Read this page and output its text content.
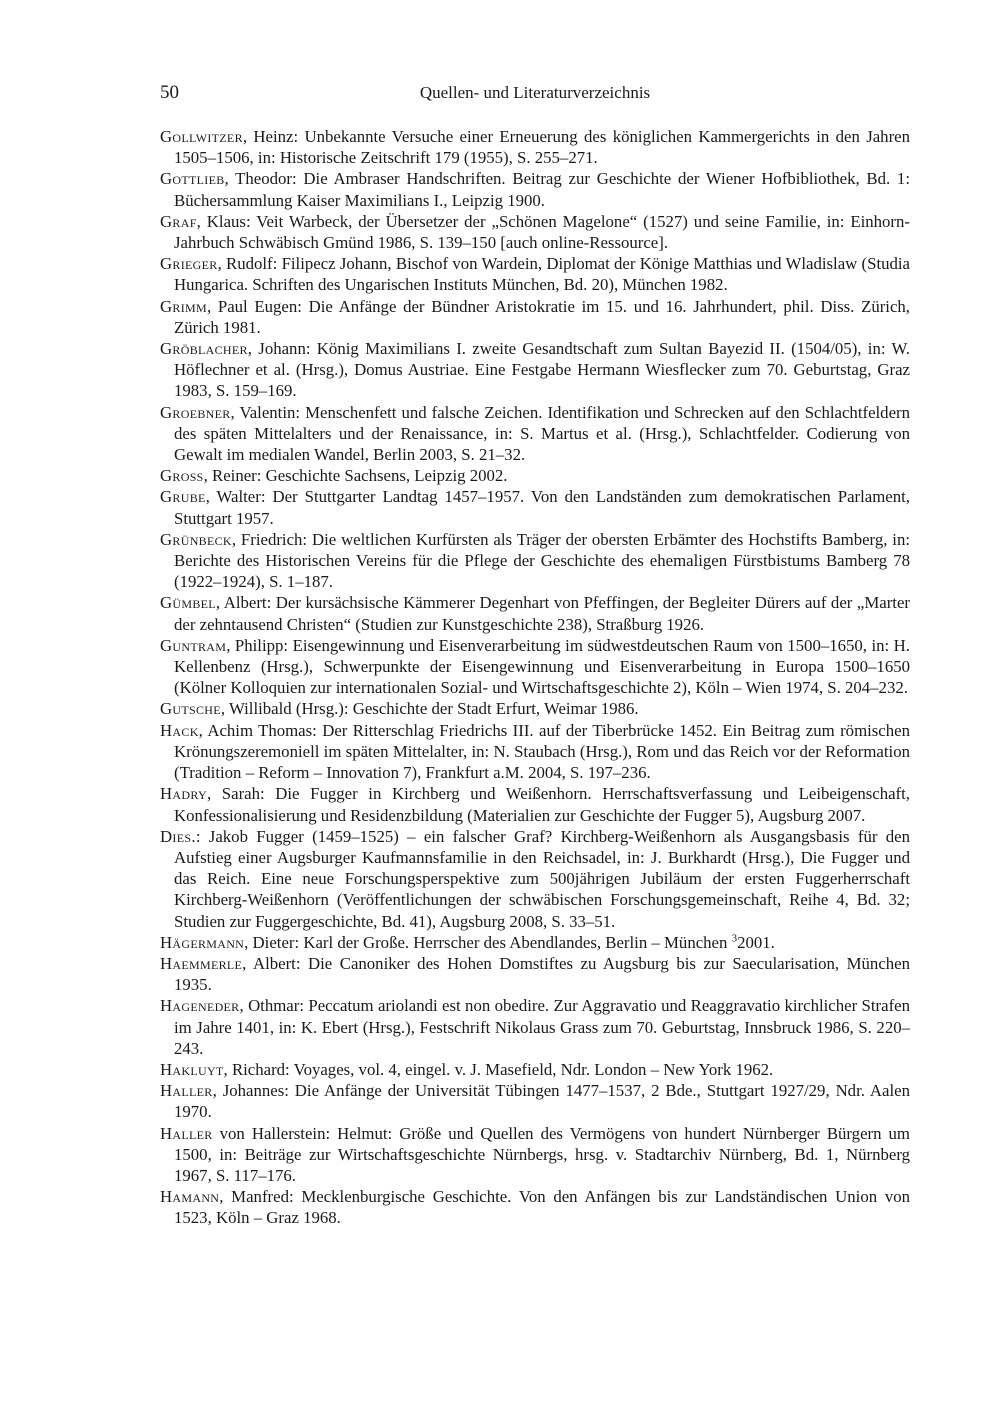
50	Quellen- und Literaturverzeichnis
Gollwitzer, Heinz: Unbekannte Versuche einer Erneuerung des königlichen Kammergerichts in den Jahren 1505–1506, in: Historische Zeitschrift 179 (1955), S. 255–271.
Gottlieb, Theodor: Die Ambraser Handschriften. Beitrag zur Geschichte der Wiener Hofbibliothek, Bd. 1: Büchersammlung Kaiser Maximilians I., Leipzig 1900.
Graf, Klaus: Veit Warbeck, der Übersetzer der „Schönen Magelone“ (1527) und seine Familie, in: Einhorn-Jahrbuch Schwäbisch Gmünd 1986, S. 139–150 [auch online-Ressource].
Grieger, Rudolf: Filipecz Johann, Bischof von Wardein, Diplomat der Könige Matthias und Wladislaw (Studia Hungarica. Schriften des Ungarischen Instituts München, Bd. 20), München 1982.
Grimm, Paul Eugen: Die Anfänge der Bündner Aristokratie im 15. und 16. Jahrhundert, phil. Diss. Zürich, Zürich 1981.
Gröblacher, Johann: König Maximilians I. zweite Gesandtschaft zum Sultan Bayezid II. (1504/05), in: W. Höflechner et al. (Hrsg.), Domus Austriae. Eine Festgabe Hermann Wiesflecker zum 70. Geburtstag, Graz 1983, S. 159–169.
Groebner, Valentin: Menschenfett und falsche Zeichen. Identifikation und Schrecken auf den Schlachtfeldern des späten Mittelalters und der Renaissance, in: S. Martus et al. (Hrsg.), Schlachtfelder. Codierung von Gewalt im medialen Wandel, Berlin 2003, S. 21–32.
Gross, Reiner: Geschichte Sachsens, Leipzig 2002.
Grube, Walter: Der Stuttgarter Landtag 1457–1957. Von den Landständen zum demokratischen Parlament, Stuttgart 1957.
Grünbeck, Friedrich: Die weltlichen Kurfürsten als Träger der obersten Erbämter des Hochstifts Bamberg, in: Berichte des Historischen Vereins für die Pflege der Geschichte des ehemaligen Fürstbistums Bamberg 78 (1922–1924), S. 1–187.
Gümbel, Albert: Der kursächsische Kämmerer Degenhart von Pfeffingen, der Begleiter Dürers auf der „Marter der zehntausend Christen“ (Studien zur Kunstgeschichte 238), Straßburg 1926.
Guntram, Philipp: Eisengewinnung und Eisenverarbeitung im südwestdeutschen Raum von 1500–1650, in: H. Kellenbenz (Hrsg.), Schwerpunkte der Eisengewinnung und Eisenverarbeitung in Europa 1500–1650 (Kölner Kolloquien zur internationalen Sozial- und Wirtschaftsgeschichte 2), Köln – Wien 1974, S. 204–232.
Gutsche, Willibald (Hrsg.): Geschichte der Stadt Erfurt, Weimar 1986.
Hack, Achim Thomas: Der Ritterschlag Friedrichs III. auf der Tiberbrücke 1452. Ein Beitrag zum römischen Krönungszeremoniell im späten Mittelalter, in: N. Staubach (Hrsg.), Rom und das Reich vor der Reformation (Tradition – Reform – Innovation 7), Frankfurt a.M. 2004, S. 197–236.
Hadry, Sarah: Die Fugger in Kirchberg und Weißenhorn. Herrschaftsverfassung und Leibeigenschaft, Konfessionalisierung und Residenzbildung (Materialien zur Geschichte der Fugger 5), Augsburg 2007.
Dies.: Jakob Fugger (1459–1525) – ein falscher Graf? Kirchberg-Weißenhorn als Ausgangsbasis für den Aufstieg einer Augsburger Kaufmannsfamilie in den Reichsadel, in: J. Burkhardt (Hrsg.), Die Fugger und das Reich. Eine neue Forschungsperspektive zum 500jährigen Jubiläum der ersten Fuggerherrschaft Kirchberg-Weißenhorn (Veröffentlichungen der schwäbischen Forschungsgemeinschaft, Reihe 4, Bd. 32; Studien zur Fuggergeschichte, Bd. 41), Augsburg 2008, S. 33–51.
Hägermann, Dieter: Karl der Große. Herrscher des Abendlandes, Berlin – München $^3$2001.
Haemmerle, Albert: Die Canoniker des Hohen Domstiftes zu Augsburg bis zur Saecularisation, München 1935.
Hageneder, Othmar: Peccatum ariolandi est non obedire. Zur Aggravatio und Reaggravatio kirchlicher Strafen im Jahre 1401, in: K. Ebert (Hrsg.), Festschrift Nikolaus Grass zum 70. Geburtstag, Innsbruck 1986, S. 220–243.
Hakluyt, Richard: Voyages, vol. 4, eingel. v. J. Masefield, Ndr. London – New York 1962.
Haller, Johannes: Die Anfänge der Universität Tübingen 1477–1537, 2 Bde., Stuttgart 1927/29, Ndr. Aalen 1970.
Haller von Hallerstein: Helmut: Größe und Quellen des Vermögens von hundert Nürnberger Bürgern um 1500, in: Beiträge zur Wirtschaftsgeschichte Nürnbergs, hrsg. v. Stadtarchiv Nürnberg, Bd. 1, Nürnberg 1967, S. 117–176.
Hamann, Manfred: Mecklenburgische Geschichte. Von den Anfängen bis zur Landständischen Union von 1523, Köln – Graz 1968.
